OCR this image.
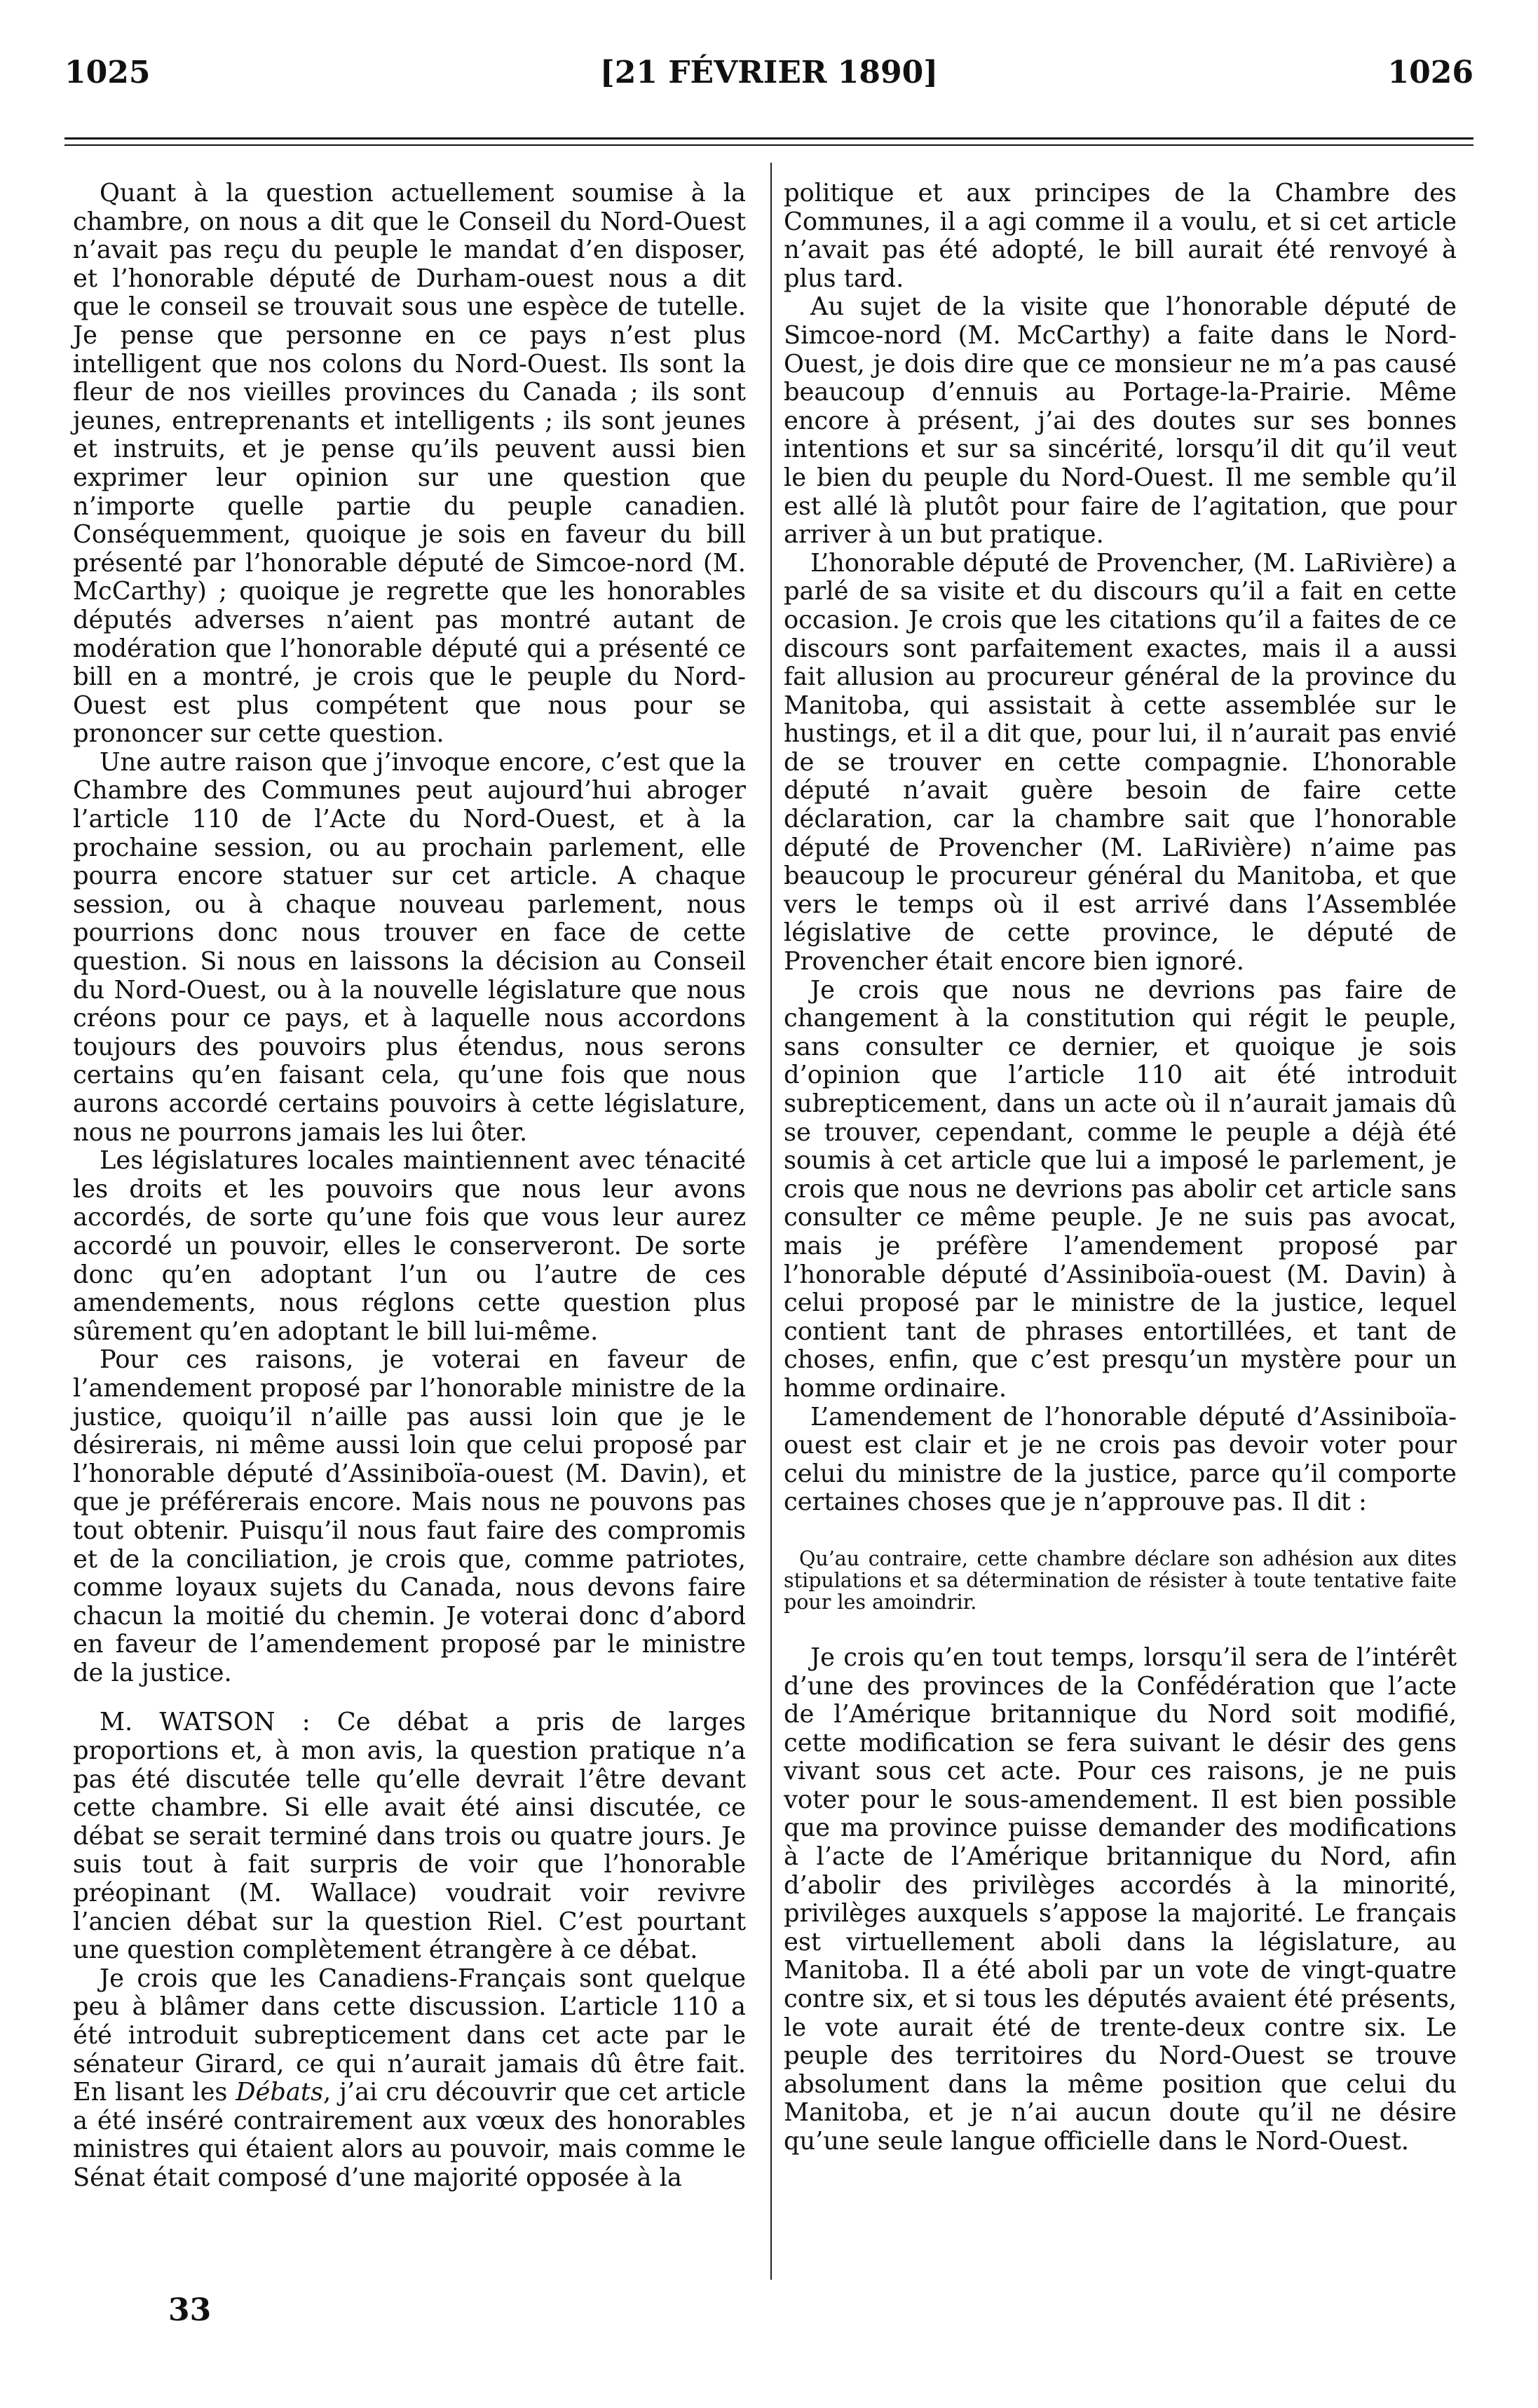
1025	[21 FÉVRIER 1890]	1026

Quant à la question actuellement soumise à la chambre, on nous a dit que le Conseil du Nord-Ouest n’avait pas reçu du peuple le mandat d’en disposer, et l’honorable député de Durham-ouest nous a dit que le conseil se trouvait sous une espèce de tutelle. Je pense que personne en ce pays n’est plus intelligent que nos colons du Nord-Ouest. Ils sont la fleur de nos vieilles provinces du Canada ; ils sont jeunes, entreprenants et intelligents ; ils sont jeunes et instruits, et je pense qu’ils peuvent aussi bien exprimer leur opinion sur une question que n’importe quelle partie du peuple canadien. Conséquemment, quoique je sois en faveur du bill présenté par l’honorable député de Simcoe-nord (M. McCarthy) ; quoique je regrette que les honorables députés adverses n’aient pas montré autant de modération que l’honorable député qui a présenté ce bill en a montré, je crois que le peuple du Nord-Ouest est plus compétent que nous pour se prononcer sur cette question.

Une autre raison que j’invoque encore, c’est que la Chambre des Communes peut aujourd’hui abroger l’article 110 de l’Acte du Nord-Ouest, et à la prochaine session, ou au prochain parlement, elle pourra encore statuer sur cet article. A chaque session, ou à chaque nouveau parlement, nous pourrions donc nous trouver en face de cette question. Si nous en laissons la décision au Conseil du Nord-Ouest, ou à la nouvelle législature que nous créons pour ce pays, et à laquelle nous accordons toujours des pouvoirs plus étendus, nous serons certains qu’en faisant cela, qu’une fois que nous aurons accordé certains pouvoirs à cette législature, nous ne pourrons jamais les lui ôter.

Les législatures locales maintiennent avec ténacité les droits et les pouvoirs que nous leur avons accordés, de sorte qu’une fois que vous leur aurez accordé un pouvoir, elles le conserveront. De sorte donc qu’en adoptant l’un ou l’autre de ces amendements, nous réglons cette question plus sûrement qu’en adoptant le bill lui-même.

Pour ces raisons, je voterai en faveur de l’amendement proposé par l’honorable ministre de la justice, quoiqu’il n’aille pas aussi loin que je le désirerais, ni même aussi loin que celui proposé par l’honorable député d’Assiniboïa-ouest (M. Davin), et que je préférerais encore. Mais nous ne pouvons pas tout obtenir. Puisqu’il nous faut faire des compromis et de la conciliation, je crois que, comme patriotes, comme loyaux sujets du Canada, nous devons faire chacun la moitié du chemin. Je voterai donc d’abord en faveur de l’amendement proposé par le ministre de la justice.

M. WATSON : Ce débat a pris de larges proportions et, à mon avis, la question pratique n’a pas été discutée telle qu’elle devrait l’être devant cette chambre. Si elle avait été ainsi discutée, ce débat se serait terminé dans trois ou quatre jours. Je suis tout à fait surpris de voir que l’honorable préopinant (M. Wallace) voudrait voir revivre l’ancien débat sur la question Riel. C’est pourtant une question complètement étrangère à ce débat.

Je crois que les Canadiens-Français sont quelque peu à blâmer dans cette discussion. L’article 110 a été introduit subrepticement dans cet acte par le sénateur Girard, ce qui n’aurait jamais dû être fait. En lisant les Débats, j’ai cru découvrir que cet article a été inséré contrairement aux vœux des honorables ministres qui étaient alors au pouvoir, mais comme le Sénat était composé d’une majorité opposée à la

politique et aux principes de la Chambre des Communes, il a agi comme il a voulu, et si cet article n’avait pas été adopté, le bill aurait été renvoyé à plus tard.

Au sujet de la visite que l’honorable député de Simcoe-nord (M. McCarthy) a faite dans le Nord-Ouest, je dois dire que ce monsieur ne m’a pas causé beaucoup d’ennuis au Portage-la-Prairie. Même encore à présent, j’ai des doutes sur ses bonnes intentions et sur sa sincérité, lorsqu’il dit qu’il veut le bien du peuple du Nord-Ouest. Il me semble qu’il est allé là plutôt pour faire de l’agitation, que pour arriver à un but pratique.

L’honorable député de Provencher, (M. LaRivière) a parlé de sa visite et du discours qu’il a fait en cette occasion. Je crois que les citations qu’il a faites de ce discours sont parfaitement exactes, mais il a aussi fait allusion au procureur général de la province du Manitoba, qui assistait à cette assemblée sur le hustings, et il a dit que, pour lui, il n’aurait pas envié de se trouver en cette compagnie. L’honorable député n’avait guère besoin de faire cette déclaration, car la chambre sait que l’honorable député de Provencher (M. LaRivière) n’aime pas beaucoup le procureur général du Manitoba, et que vers le temps où il est arrivé dans l’Assemblée législative de cette province, le député de Provencher était encore bien ignoré.

Je crois que nous ne devrions pas faire de changement à la constitution qui régit le peuple, sans consulter ce dernier, et quoique je sois d’opinion que l’article 110 ait été introduit subrepticement, dans un acte où il n’aurait jamais dû se trouver, cependant, comme le peuple a déjà été soumis à cet article que lui a imposé le parlement, je crois que nous ne devrions pas abolir cet article sans consulter ce même peuple. Je ne suis pas avocat, mais je préfère l’amendement proposé par l’honorable député d’Assiniboïa-ouest (M. Davin) à celui proposé par le ministre de la justice, lequel contient tant de phrases entortillées, et tant de choses, enfin, que c’est presqu’un mystère pour un homme ordinaire.

L’amendement de l’honorable député d’Assiniboïa-ouest est clair et je ne crois pas devoir voter pour celui du ministre de la justice, parce qu’il comporte certaines choses que je n’approuve pas. Il dit :

Qu’au contraire, cette chambre déclare son adhésion aux dites stipulations et sa détermination de résister à toute tentative faite pour les amoindrir.

Je crois qu’en tout temps, lorsqu’il sera de l’intérêt d’une des provinces de la Confédération que l’acte de l’Amérique britannique du Nord soit modifié, cette modification se fera suivant le désir des gens vivant sous cet acte. Pour ces raisons, je ne puis voter pour le sous-amendement. Il est bien possible que ma province puisse demander des modifications à l’acte de l’Amérique britannique du Nord, afin d’abolir des privilèges accordés à la minorité, privilèges auxquels s’appose la majorité. Le français est virtuellement aboli dans la législature, au Manitoba. Il a été aboli par un vote de vingt-quatre contre six, et si tous les députés avaient été présents, le vote aurait été de trente-deux contre six. Le peuple des territoires du Nord-Ouest se trouve absolument dans la même position que celui du Manitoba, et je n’ai aucun doute qu’il ne désire qu’une seule langue officielle dans le Nord-Ouest.

33
